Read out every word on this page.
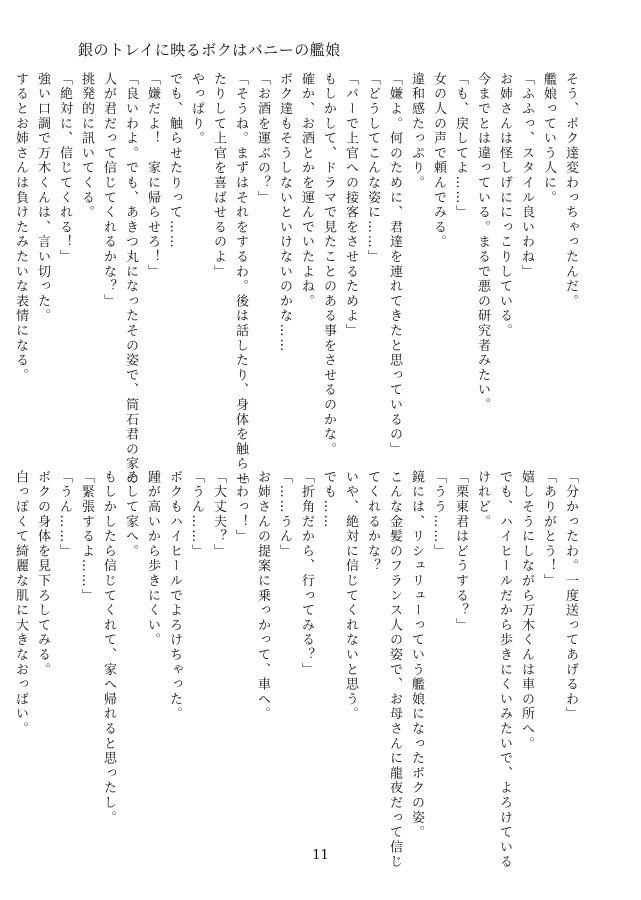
銀のトレイに映るボクはバニーの艦娘
そう、ボク達変わっちゃったんだ。
艦娘っていう人に。
「ふふっ、スタイル良いわね」
お姉さんは怪しげににっこりしている。
今までとは違っている。まるで悪の研究者みたい。
「も、戻してよ……」
女の人の声で頼んでみる。
違和感たっぷり。
「嫌よ。何のために、君達を連れてきたと思っているの」
「どうしてこんな姿に……」
「バーで上官への接客をさせるためよ」
もしかして、ドラマで見たことのある事をさせるのかな。
確か、お酒とかを運んでいたよね。
ボク達もそうしないといけないのかな……
「お酒を運ぶの？」
「そうね。まずはそれをするわ。後は話したり、身体を触らせ
たりして上官を喜ばせるのよ」
やっぱり。
でも、触らせたりって……
「嫌だよ！　家に帰らせろ！」
「良いわよ。でも、あきつ丸になったその姿で、筒石君の家の
人が君だって信じてくれるかな？」
挑発的に訊いてくる。
「絶対に、信じてくれる！」
強い口調で万木くんは、言い切った。
するとお姉さんは負けたみたいな表情になる。
「分かったわ。一度送ってあげるわ」
「ありがとう！」
嬉しそうにしながら万木くんは車の所へ。
でも、ハイヒールだから歩きにくいみたいで、よろけている
けれど。
「栗東君はどうする？」
「うう……」
鏡には、リシュリューっていう艦娘になったボクの姿。
こんな金髪のフランス人の姿で、お母さんに龍夜だって信じ
てくれるかな？
いや、絶対に信じてくれないと思う。
でも……
「折角だから、行ってみる？」
「……うん」
お姉さんの提案に乗っかって、車へ。
「わっ！」
「大丈夫？」
「うん……」
ボクもハイヒールでよろけちゃった。
踵が高いから歩きにくい。
そして家へ。
もしかしたら信じてくれて、家へ帰れると思ったし。
「緊張するよ……」
「うん……」
ボクの身体を見下ろしてみる。
白っぽくて綺麗な肌に大きなおっぱい。
11
